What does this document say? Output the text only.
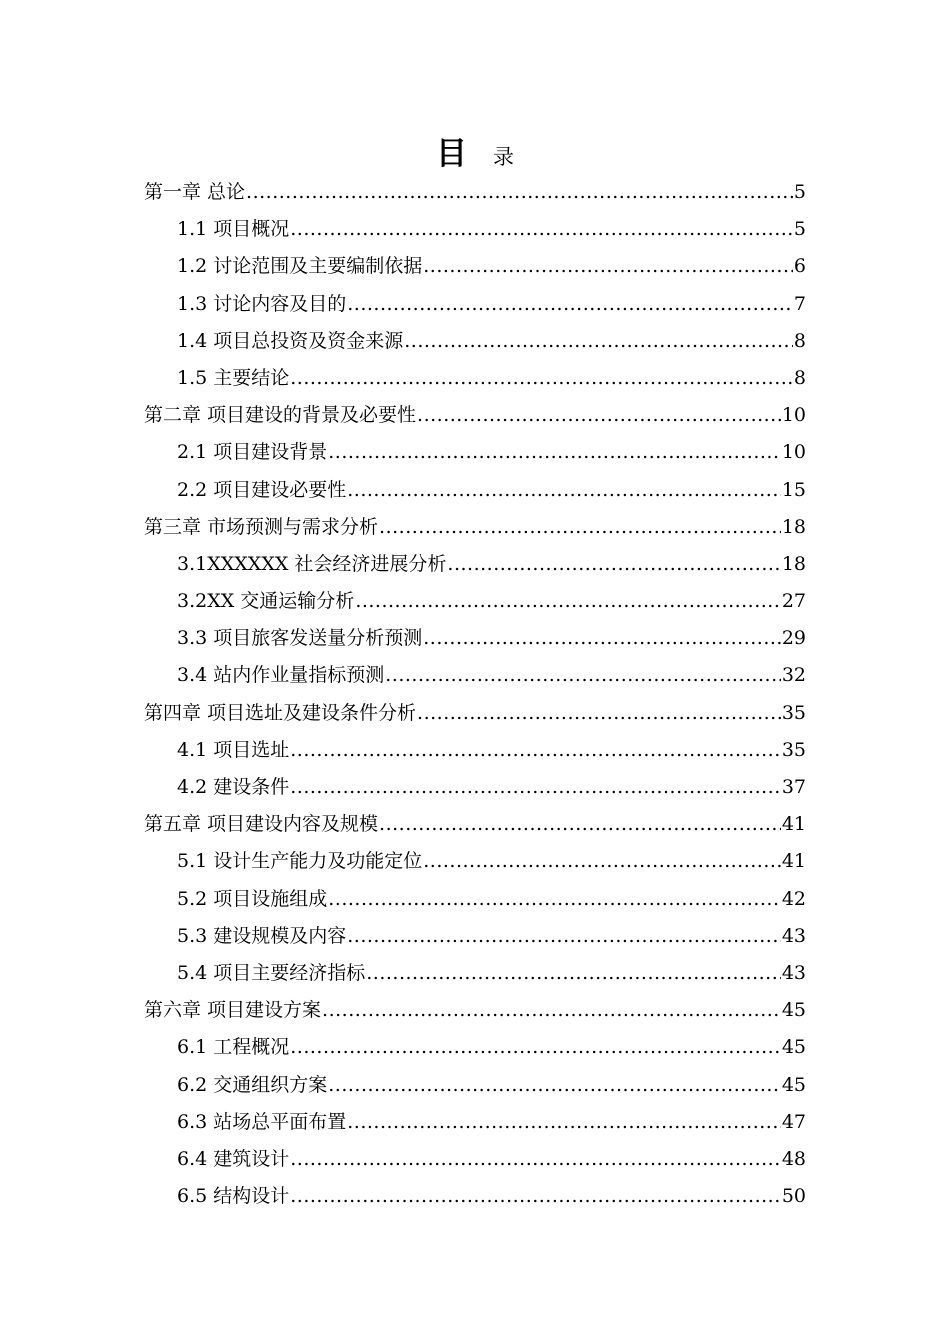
目 录
第一章 总论 .....	5
1.1 项目概况 .....	5
1.2 讨论范围及主要编制依据 .....	6
1.3 讨论内容及目的 .....	7
1.4 项目总投资及资金来源 .....	8
1.5 主要结论 .....	8
第二章 项目建设的背景及必要性 .....	10
2.1 项目建设背景 .....	10
2.2 项目建设必要性 .....	15
第三章 市场预测与需求分析 .....	18
3.1XXXXXX 社会经济进展分析 .....	18
3.2XX 交通运输分析 .....	27
3.3 项目旅客发送量分析预测 .....	29
3.4 站内作业量指标预测 .....	32
第四章 项目选址及建设条件分析 .....	35
4.1 项目选址 .....	35
4.2 建设条件 .....	37
第五章 项目建设内容及规模 .....	41
5.1 设计生产能力及功能定位 .....	41
5.2 项目设施组成 .....	42
5.3 建设规模及内容 .....	43
5.4 项目主要经济指标 .....	43
第六章 项目建设方案 .....	45
6.1 工程概况 .....	45
6.2 交通组织方案 .....	45
6.3 站场总平面布置 .....	47
6.4 建筑设计 .....	48
6.5 结构设计 .....	50
